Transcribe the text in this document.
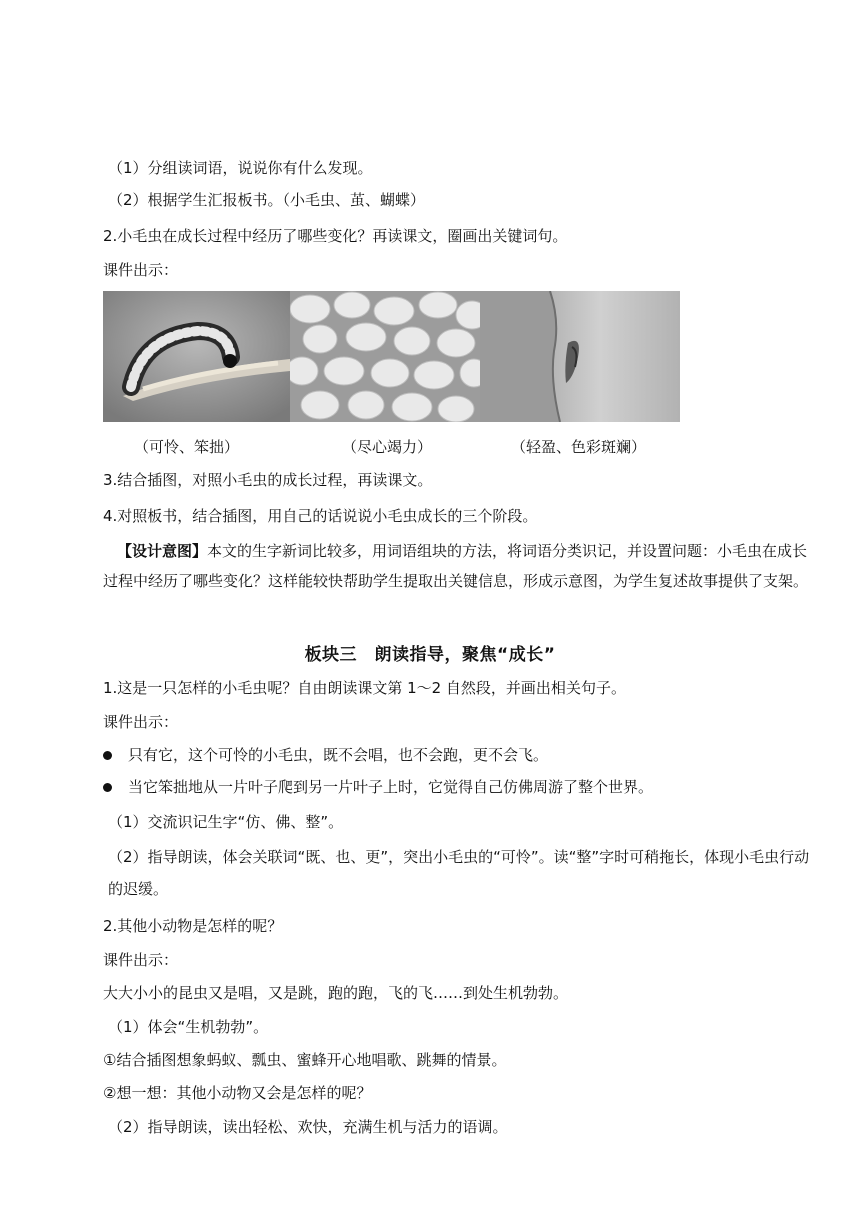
（1）分组读词语，说说你有什么发现。
（2）根据学生汇报板书。（小毛虫、茧、蝴蝶）
2.小毛虫在成长过程中经历了哪些变化？再读课文，圈画出关键词句。
课件出示：
（可怜、笨拙）	（尽心竭力）	（轻盈、色彩斑斓）
3.结合插图，对照小毛虫的成长过程，再读课文。
4.对照板书，结合插图，用自己的话说说小毛虫成长的三个阶段。
【设计意图】本文的生字新词比较多，用词语组块的方法，将词语分类识记，并设置问题：小毛虫在成长过程中经历了哪些变化？这样能较快帮助学生提取出关键信息，形成示意图，为学生复述故事提供了支架。
板块三　朗读指导，聚焦“成长”
1.这是一只怎样的小毛虫呢？自由朗读课文第 1～2 自然段，并画出相关句子。
课件出示：
只有它，这个可怜的小毛虫，既不会唱，也不会跑，更不会飞。
当它笨拙地从一片叶子爬到另一片叶子上时，它觉得自己仿佛周游了整个世界。
（1）交流识记生字“仿、佛、整”。
（2）指导朗读，体会关联词“既、也、更”，突出小毛虫的“可怜”。读“整”字时可稍拖长，体现小毛虫行动的迟缓。
2.其他小动物是怎样的呢？
课件出示：
大大小小的昆虫又是唱，又是跳，跑的跑，飞的飞……到处生机勃勃。
（1）体会“生机勃勃”。
①结合插图想象蚂蚁、瓢虫、蜜蜂开心地唱歌、跳舞的情景。
②想一想：其他小动物又会是怎样的呢？
（2）指导朗读，读出轻松、欢快，充满生机与活力的语调。
